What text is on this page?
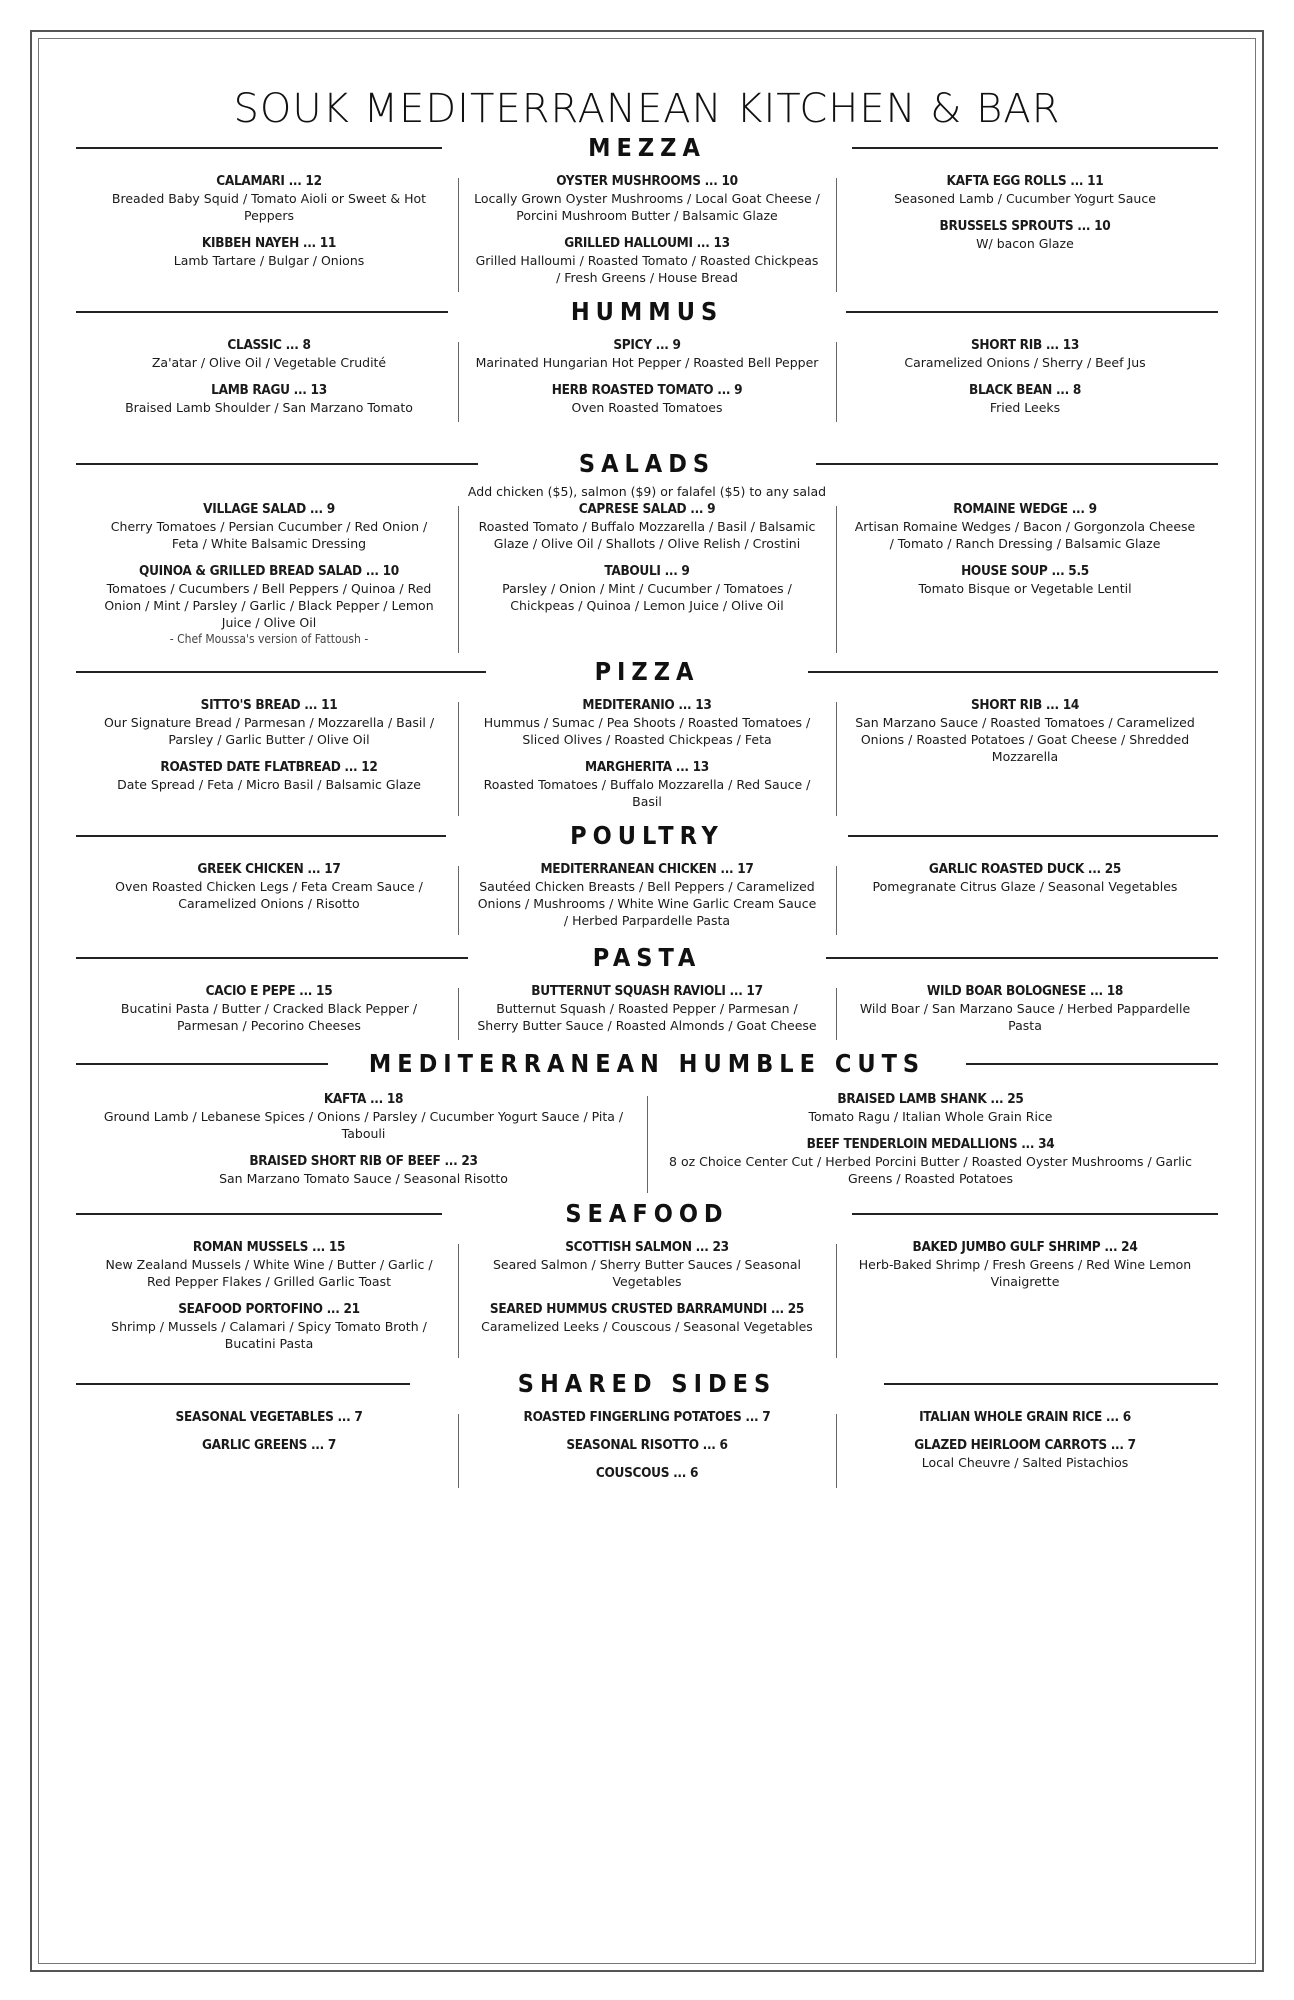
SOUK MEDITERRANEAN KITCHEN & BAR
MEZZA
CALAMARI ... 12
Breaded Baby Squid / Tomato Aioli or Sweet & Hot Peppers
KIBBEH NAYEH ... 11
Lamb Tartare / Bulgar / Onions
OYSTER MUSHROOMS ... 10
Locally Grown Oyster Mushrooms / Local Goat Cheese / Porcini Mushroom Butter / Balsamic Glaze
GRILLED HALLOUMI ... 13
Grilled Halloumi / Roasted Tomato / Roasted Chickpeas / Fresh Greens / House Bread
KAFTA EGG ROLLS ... 11
Seasoned Lamb / Cucumber Yogurt Sauce
BRUSSELS SPROUTS ... 10
W/ bacon Glaze
HUMMUS
CLASSIC ... 8
Za'atar / Olive Oil / Vegetable Crudité
LAMB RAGU ... 13
Braised Lamb Shoulder / San Marzano Tomato
SPICY ... 9
Marinated Hungarian Hot Pepper / Roasted Bell Pepper
HERB ROASTED TOMATO ... 9
Oven Roasted Tomatoes
SHORT RIB ... 13
Caramelized Onions / Sherry / Beef Jus
BLACK BEAN ... 8
Fried Leeks
SALADS
Add chicken ($5), salmon ($9) or falafel ($5) to any salad
VILLAGE SALAD ... 9
Cherry Tomatoes / Persian Cucumber / Red Onion / Feta / White Balsamic Dressing
QUINOA & GRILLED BREAD SALAD ... 10
Tomatoes / Cucumbers / Bell Peppers / Quinoa / Red Onion / Mint / Parsley / Garlic / Black Pepper / Lemon Juice / Olive Oil
- Chef Moussa's version of Fattoush -
CAPRESE SALAD ... 9
Roasted Tomato / Buffalo Mozzarella / Basil / Balsamic Glaze / Olive Oil / Shallots / Olive Relish / Crostini
TABOULI ... 9
Parsley / Onion / Mint / Cucumber / Tomatoes / Chickpeas / Quinoa / Lemon Juice / Olive Oil
ROMAINE WEDGE ... 9
Artisan Romaine Wedges / Bacon / Gorgonzola Cheese / Tomato / Ranch Dressing / Balsamic Glaze
HOUSE SOUP ... 5.5
Tomato Bisque or Vegetable Lentil
PIZZA
SITTO'S BREAD ... 11
Our Signature Bread / Parmesan / Mozzarella / Basil / Parsley / Garlic Butter / Olive Oil
ROASTED DATE FLATBREAD ... 12
Date Spread / Feta / Micro Basil / Balsamic Glaze
MEDITERANIO ... 13
Hummus / Sumac / Pea Shoots / Roasted Tomatoes / Sliced Olives / Roasted Chickpeas / Feta
MARGHERITA ... 13
Roasted Tomatoes / Buffalo Mozzarella / Red Sauce / Basil
SHORT RIB ... 14
San Marzano Sauce / Roasted Tomatoes / Caramelized Onions / Roasted Potatoes / Goat Cheese / Shredded Mozzarella
POULTRY
GREEK CHICKEN ... 17
Oven Roasted Chicken Legs / Feta Cream Sauce / Caramelized Onions / Risotto
MEDITERRANEAN CHICKEN ... 17
Sautéed Chicken Breasts / Bell Peppers / Caramelized Onions / Mushrooms / White Wine Garlic Cream Sauce / Herbed Parpardelle Pasta
GARLIC ROASTED DUCK ... 25
Pomegranate Citrus Glaze / Seasonal Vegetables
PASTA
CACIO E PEPE ... 15
Bucatini Pasta / Butter / Cracked Black Pepper / Parmesan / Pecorino Cheeses
BUTTERNUT SQUASH RAVIOLI ... 17
Butternut Squash / Roasted Pepper / Parmesan / Sherry Butter Sauce / Roasted Almonds / Goat Cheese
WILD BOAR BOLOGNESE ... 18
Wild Boar / San Marzano Sauce / Herbed Pappardelle Pasta
MEDITERRANEAN HUMBLE CUTS
KAFTA ... 18
Ground Lamb / Lebanese Spices / Onions / Parsley / Cucumber Yogurt Sauce / Pita / Tabouli
BRAISED SHORT RIB OF BEEF ... 23
San Marzano Tomato Sauce / Seasonal Risotto
BRAISED LAMB SHANK ... 25
Tomato Ragu / Italian Whole Grain Rice
BEEF TENDERLOIN MEDALLIONS ... 34
8 oz Choice Center Cut / Herbed Porcini Butter / Roasted Oyster Mushrooms / Garlic Greens / Roasted Potatoes
SEAFOOD
ROMAN MUSSELS ... 15
New Zealand Mussels / White Wine / Butter / Garlic / Red Pepper Flakes / Grilled Garlic Toast
SEAFOOD PORTOFINO ... 21
Shrimp / Mussels / Calamari / Spicy Tomato Broth / Bucatini Pasta
SCOTTISH SALMON ... 23
Seared Salmon / Sherry Butter Sauces / Seasonal Vegetables
SEARED HUMMUS CRUSTED BARRAMUNDI ... 25
Caramelized Leeks / Couscous / Seasonal Vegetables
BAKED JUMBO GULF SHRIMP ... 24
Herb-Baked Shrimp / Fresh Greens / Red Wine Lemon Vinaigrette
SHARED SIDES
SEASONAL VEGETABLES ... 7
GARLIC GREENS ... 7
ROASTED FINGERLING POTATOES ... 7
SEASONAL RISOTTO ... 6
COUSCOUS ... 6
ITALIAN WHOLE GRAIN RICE ... 6
GLAZED HEIRLOOM CARROTS ... 7
Local Cheuvre / Salted Pistachios
